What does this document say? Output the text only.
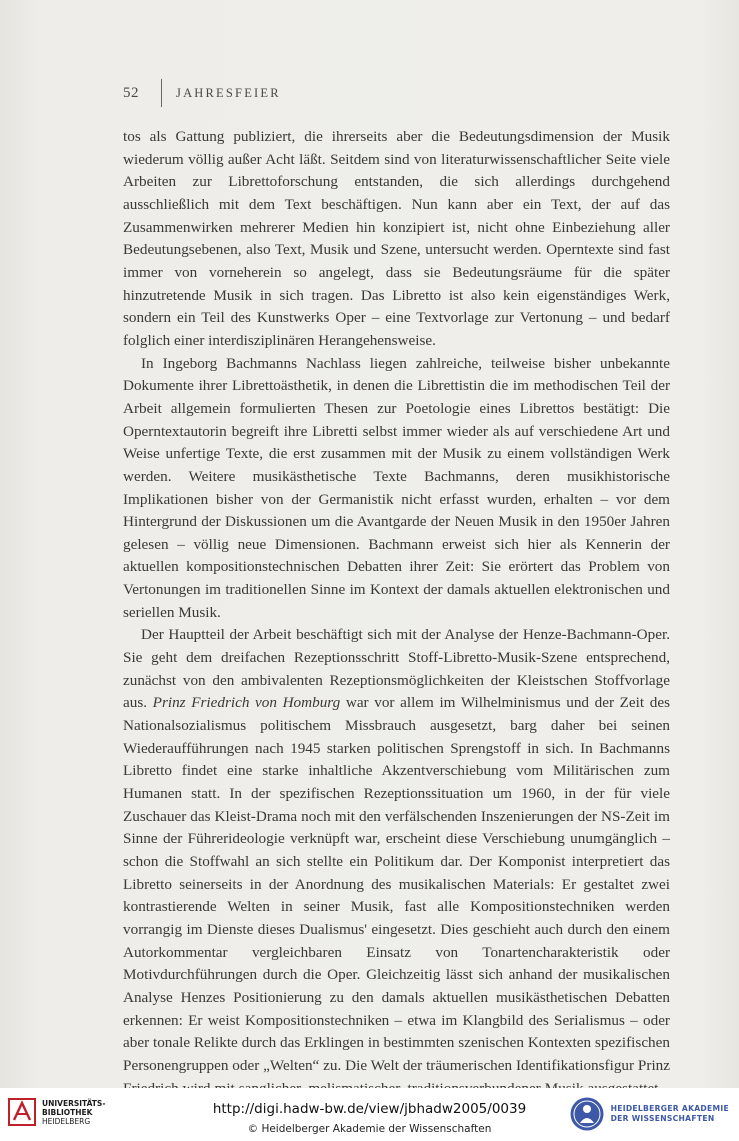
52	JAHRESFEIER

tos als Gattung publiziert, die ihrerseits aber die Bedeutungsdimension der Musik wiederum völlig außer Acht läßt. Seitdem sind von literaturwissenschaftlicher Seite viele Arbeiten zur Librettoforschung entstanden, die sich allerdings durchgehend ausschließlich mit dem Text beschäftigen. Nun kann aber ein Text, der auf das Zusammenwirken mehrerer Medien hin konzipiert ist, nicht ohne Einbeziehung aller Bedeutungsebenen, also Text, Musik und Szene, untersucht werden. Operntexte sind fast immer von vorneherein so angelegt, dass sie Bedeutungsräume für die später hinzutretende Musik in sich tragen. Das Libretto ist also kein eigenständiges Werk, sondern ein Teil des Kunstwerks Oper – eine Textvorlage zur Vertonung – und bedarf folglich einer interdisziplinären Herangehensweise.

In Ingeborg Bachmanns Nachlass liegen zahlreiche, teilweise bisher unbekannte Dokumente ihrer Librettoästhetik, in denen die Librettistin die im methodischen Teil der Arbeit allgemein formulierten Thesen zur Poetologie eines Librettos bestätigt: Die Operntextautorin begreift ihre Libretti selbst immer wieder als auf verschiedene Art und Weise unfertige Texte, die erst zusammen mit der Musik zu einem vollständigen Werk werden. Weitere musikästhetische Texte Bachmanns, deren musikhistorische Implikationen bisher von der Germanistik nicht erfasst wurden, erhalten – vor dem Hintergrund der Diskussionen um die Avantgarde der Neuen Musik in den 1950er Jahren gelesen – völlig neue Dimensionen. Bachmann erweist sich hier als Kennerin der aktuellen kompositionstechnischen Debatten ihrer Zeit: Sie erörtert das Problem von Vertonungen im traditionellen Sinne im Kontext der damals aktuellen elektronischen und seriellen Musik.

Der Hauptteil der Arbeit beschäftigt sich mit der Analyse der Henze-Bachmann-Oper. Sie geht dem dreifachen Rezeptionsschritt Stoff-Libretto-Musik-Szene entsprechend, zunächst von den ambivalenten Rezeptionsmöglichkeiten der Kleistschen Stoffvorlage aus. Prinz Friedrich von Homburg war vor allem im Wilhelminismus und der Zeit des Nationalsozialismus politischem Missbrauch ausgesetzt, barg daher bei seinen Wiederaufführungen nach 1945 starken politischen Sprengstoff in sich. In Bachmanns Libretto findet eine starke inhaltliche Akzentverschiebung vom Militärischen zum Humanen statt. In der spezifischen Rezeptionssituation um 1960, in der für viele Zuschauer das Kleist-Drama noch mit den verfälschenden Inszenierungen der NS-Zeit im Sinne der Führerideologie verknüpft war, erscheint diese Verschiebung unumgänglich – schon die Stoffwahl an sich stellte ein Politikum dar. Der Komponist interpretiert das Libretto seinerseits in der Anordnung des musikalischen Materials: Er gestaltet zwei kontrastierende Welten in seiner Musik, fast alle Kompositionstechniken werden vorrangig im Dienste dieses Dualismus' eingesetzt. Dies geschieht auch durch den einem Autorkommentar vergleichbaren Einsatz von Tonartencharakteristik oder Motivdurchführungen durch die Oper. Gleichzeitig lässt sich anhand der musikalischen Analyse Henzes Positionierung zu den damals aktuellen musikästhetischen Debatten erkennen: Er weist Kompositionstechniken – etwa im Klangbild des Serialismus – oder aber tonale Relikte durch das Erklingen in bestimmten szenischen Kontexten spezifischen Personengruppen oder „Welten“ zu. Die Welt der träumerischen Identifikationsfigur Prinz

UNIVERSITÄTS-
BIBLIOTHEK
HEIDELBERG
http://digi.hadw-bw.de/view/jbhadw2005/0039
© Heidelberger Akademie der Wissenschaften
HEIDELBERGER AKADEMIE
DER WISSENSCHAFTEN
